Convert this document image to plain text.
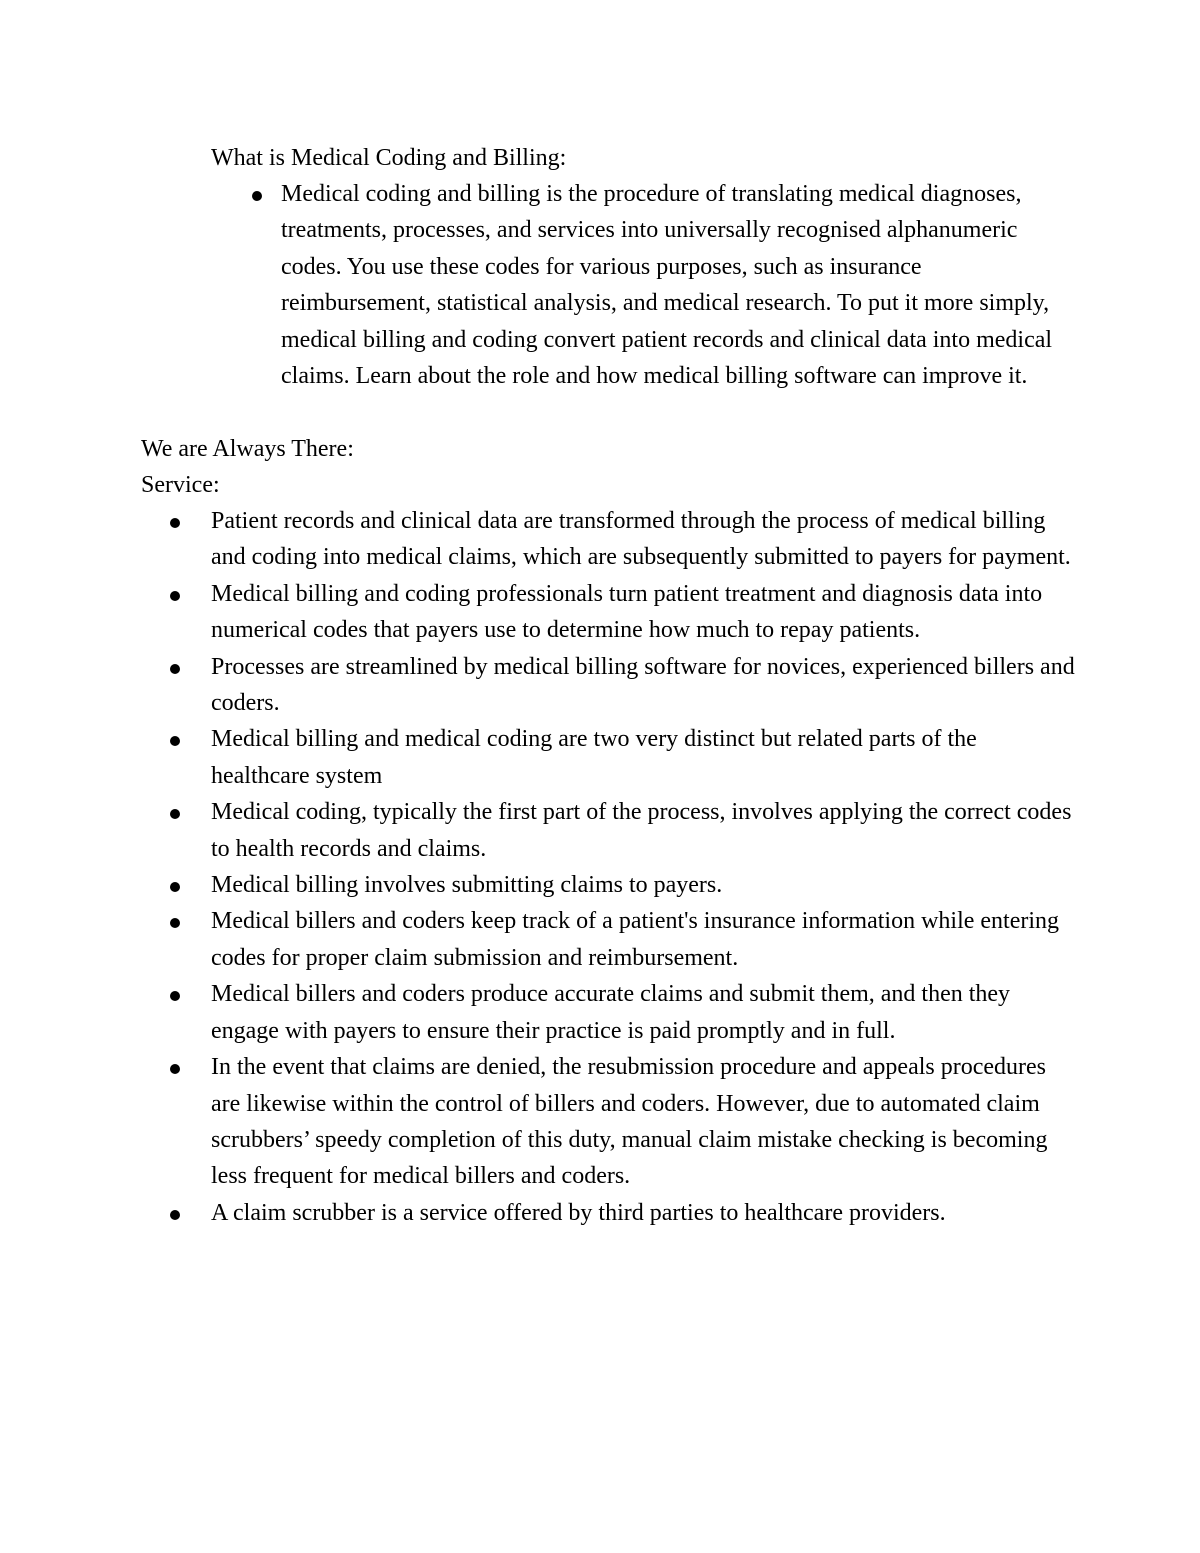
What is Medical Coding and Billing:

Medical coding and billing is the procedure of translating medical diagnoses, treatments, processes, and services into universally recognised alphanumeric codes. You use these codes for various purposes, such as insurance reimbursement, statistical analysis, and medical research. To put it more simply, medical billing and coding convert patient records and clinical data into medical claims. Learn about the role and how medical billing software can improve it.

We are Always There:

Service:

Patient records and clinical data are transformed through the process of medical billing and coding into medical claims, which are subsequently submitted to payers for payment.
Medical billing and coding professionals turn patient treatment and diagnosis data into numerical codes that payers use to determine how much to repay patients.
Processes are streamlined by medical billing software for novices, experienced billers and coders.
Medical billing and medical coding are two very distinct but related parts of the healthcare system
Medical coding, typically the first part of the process, involves applying the correct codes to health records and claims.
Medical billing involves submitting claims to payers.
Medical billers and coders keep track of a patient's insurance information while entering codes for proper claim submission and reimbursement.
Medical billers and coders produce accurate claims and submit them, and then they engage with payers to ensure their practice is paid promptly and in full.
In the event that claims are denied, the resubmission procedure and appeals procedures are likewise within the control of billers and coders. However, due to automated claim scrubbers’ speedy completion of this duty, manual claim mistake checking is becoming less frequent for medical billers and coders.
A claim scrubber is a service offered by third parties to healthcare providers.
